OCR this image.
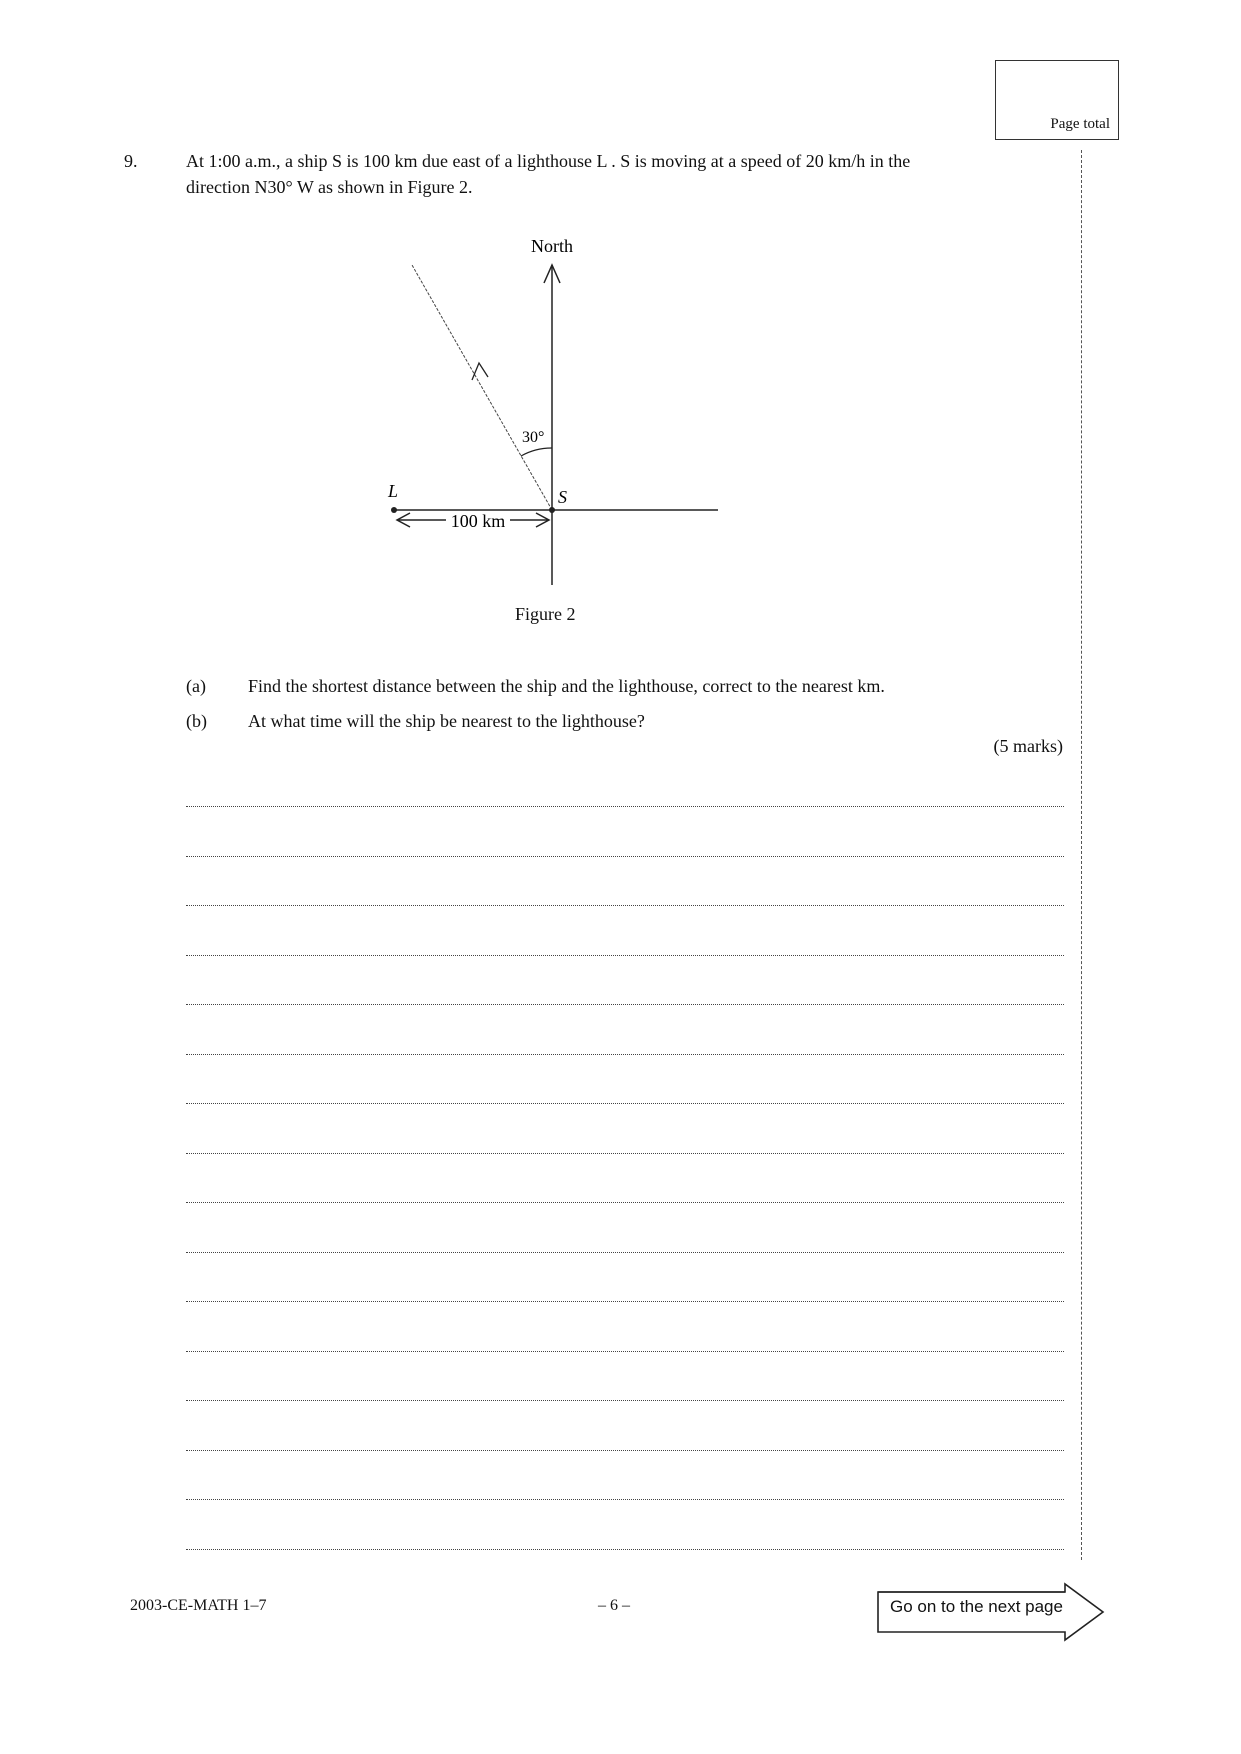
Page total
9.	At 1:00 a.m., a ship S is 100 km due east of a lighthouse L . S is moving at a speed of 20 km/h in the
direction N30° W as shown in Figure 2.
North
30°
L	S
100 km
Figure 2
(a) Find the shortest distance between the ship and the lighthouse, correct to the nearest km.
(b) At what time will the ship be nearest to the lighthouse?
(5 marks)
2003-CE-MATH 1–7	– 6 –	Go on to the next page
